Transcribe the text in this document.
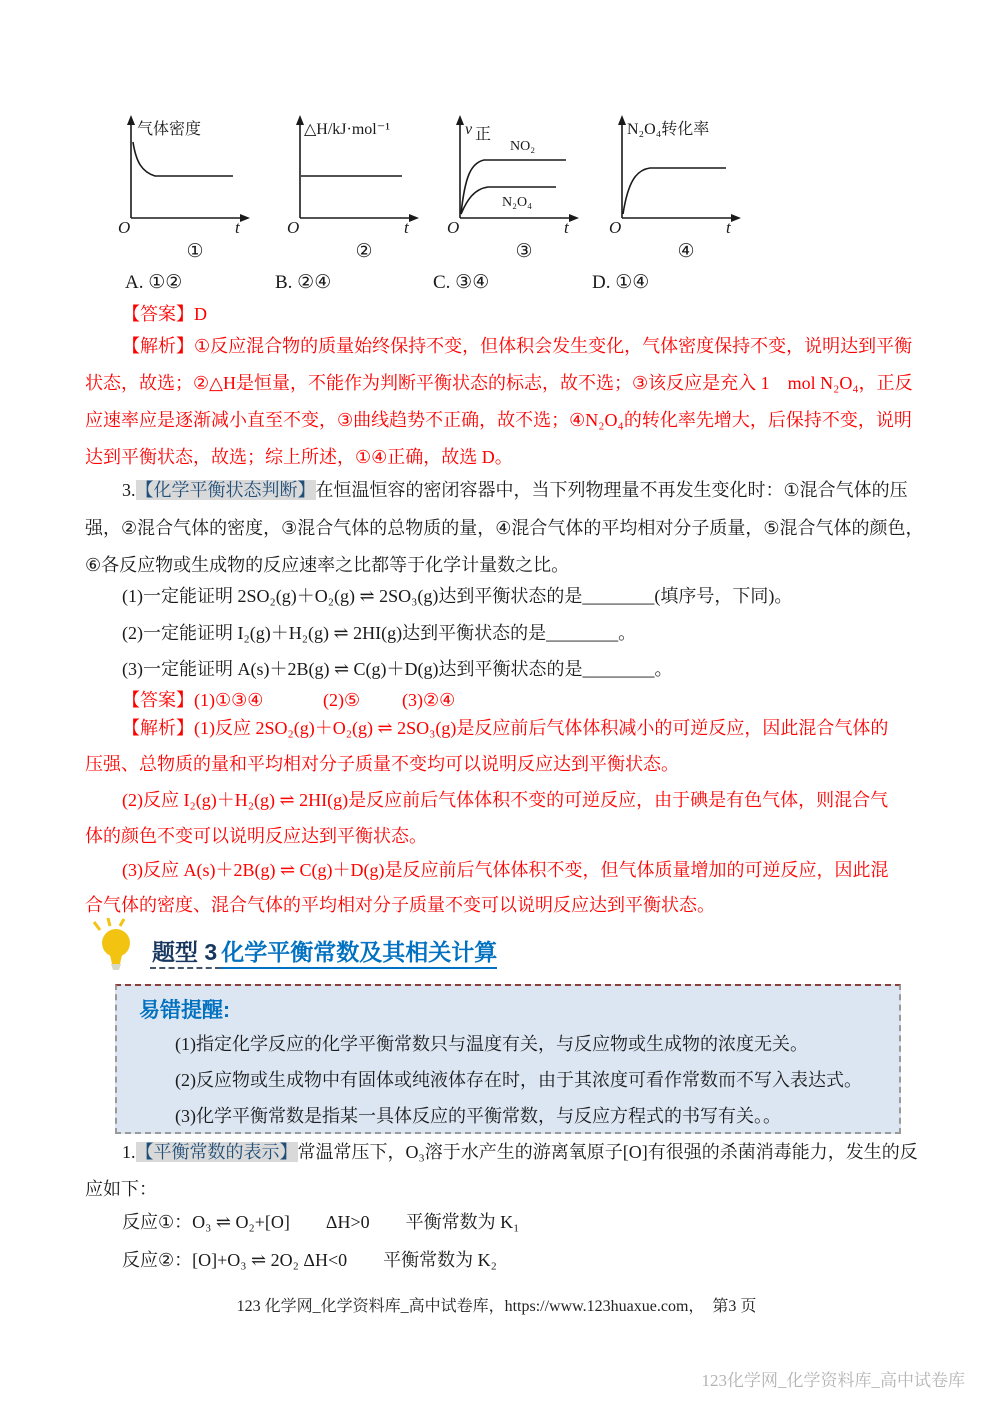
气体密度
O	t
①
△H/kJ·mol⁻¹
O	t
②
v 正
NO₂
N₂O₄
O	t
③
N₂O₄转化率
O	t
④
A. ①②	B. ②④	C. ③④	D. ①④
【答案】D
【解析】①反应混合物的质量始终保持不变，但体积会发生变化，气体密度保持不变，说明达到平衡
状态，故选；②△H是恒量，不能作为判断平衡状态的标志，故不选；③该反应是充入 1　mol N₂O₄，正反
应速率应是逐渐减小直至不变，③曲线趋势不正确，故不选；④N₂O₄的转化率先增大，后保持不变，说明
达到平衡状态，故选；综上所述，①④正确，故选 D。
3.【化学平衡状态判断】在恒温恒容的密闭容器中，当下列物理量不再发生变化时：①混合气体的压
强，②混合气体的密度，③混合气体的总物质的量，④混合气体的平均相对分子质量，⑤混合气体的颜色，
⑥各反应物或生成物的反应速率之比都等于化学计量数之比。
(1)一定能证明 2SO₂(g)＋O₂(g) ⇌ 2SO₃(g)达到平衡状态的是________(填序号，下同)。
(2)一定能证明 I₂(g)＋H₂(g) ⇌ 2HI(g)达到平衡状态的是________。
(3)一定能证明 A(s)＋2B(g) ⇌ C(g)＋D(g)达到平衡状态的是________。
【答案】(1)①③④	(2)⑤ (3)②④
【解析】(1)反应 2SO₂(g)＋O₂(g) ⇌ 2SO₃(g)是反应前后气体体积减小的可逆反应，因此混合气体的
压强、总物质的量和平均相对分子质量不变均可以说明反应达到平衡状态。
(2)反应 I₂(g)＋H₂(g) ⇌ 2HI(g)是反应前后气体体积不变的可逆反应，由于碘是有色气体，则混合气
体的颜色不变可以说明反应达到平衡状态。
(3)反应 A(s)＋2B(g) ⇌ C(g)＋D(g)是反应前后气体体积不变，但气体质量增加的可逆反应，因此混
合气体的密度、混合气体的平均相对分子质量不变可以说明反应达到平衡状态。
题型 3 化学平衡常数及其相关计算
易错提醒:
(1)指定化学反应的化学平衡常数只与温度有关，与反应物或生成物的浓度无关。
(2)反应物或生成物中有固体或纯液体存在时，由于其浓度可看作常数而不写入表达式。
(3)化学平衡常数是指某一具体反应的平衡常数，与反应方程式的书写有关。。
1.【平衡常数的表示】常温常压下，O₃溶于水产生的游离氧原子[O]有很强的杀菌消毒能力，发生的反
应如下：
反应①：O₃ ⇌ O₂+[O]　　ΔH>0　　平衡常数为 K₁
反应②：[O]+O₃ ⇌ 2O₂ ΔH<0　　平衡常数为 K₂
123 化学网_化学资料库_高中试卷库，https://www.123huaxue.com，　第3 页
123化学网_化学资料库_高中试卷库
